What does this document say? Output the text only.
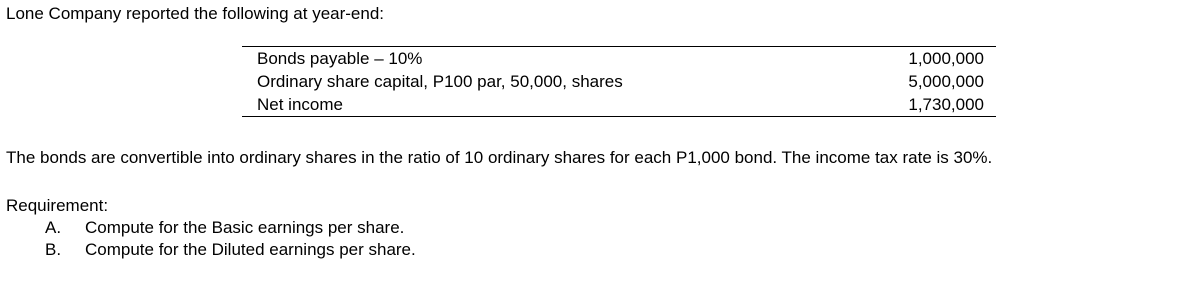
Lone Company reported the following at year-end:
Bonds payable – 10%	1,000,000
Ordinary share capital, P100 par, 50,000, shares	5,000,000
Net income	1,730,000
The bonds are convertible into ordinary shares in the ratio of 10 ordinary shares for each P1,000 bond. The income tax rate is 30%.
Requirement:
A.	Compute for the Basic earnings per share.
B.	Compute for the Diluted earnings per share.
